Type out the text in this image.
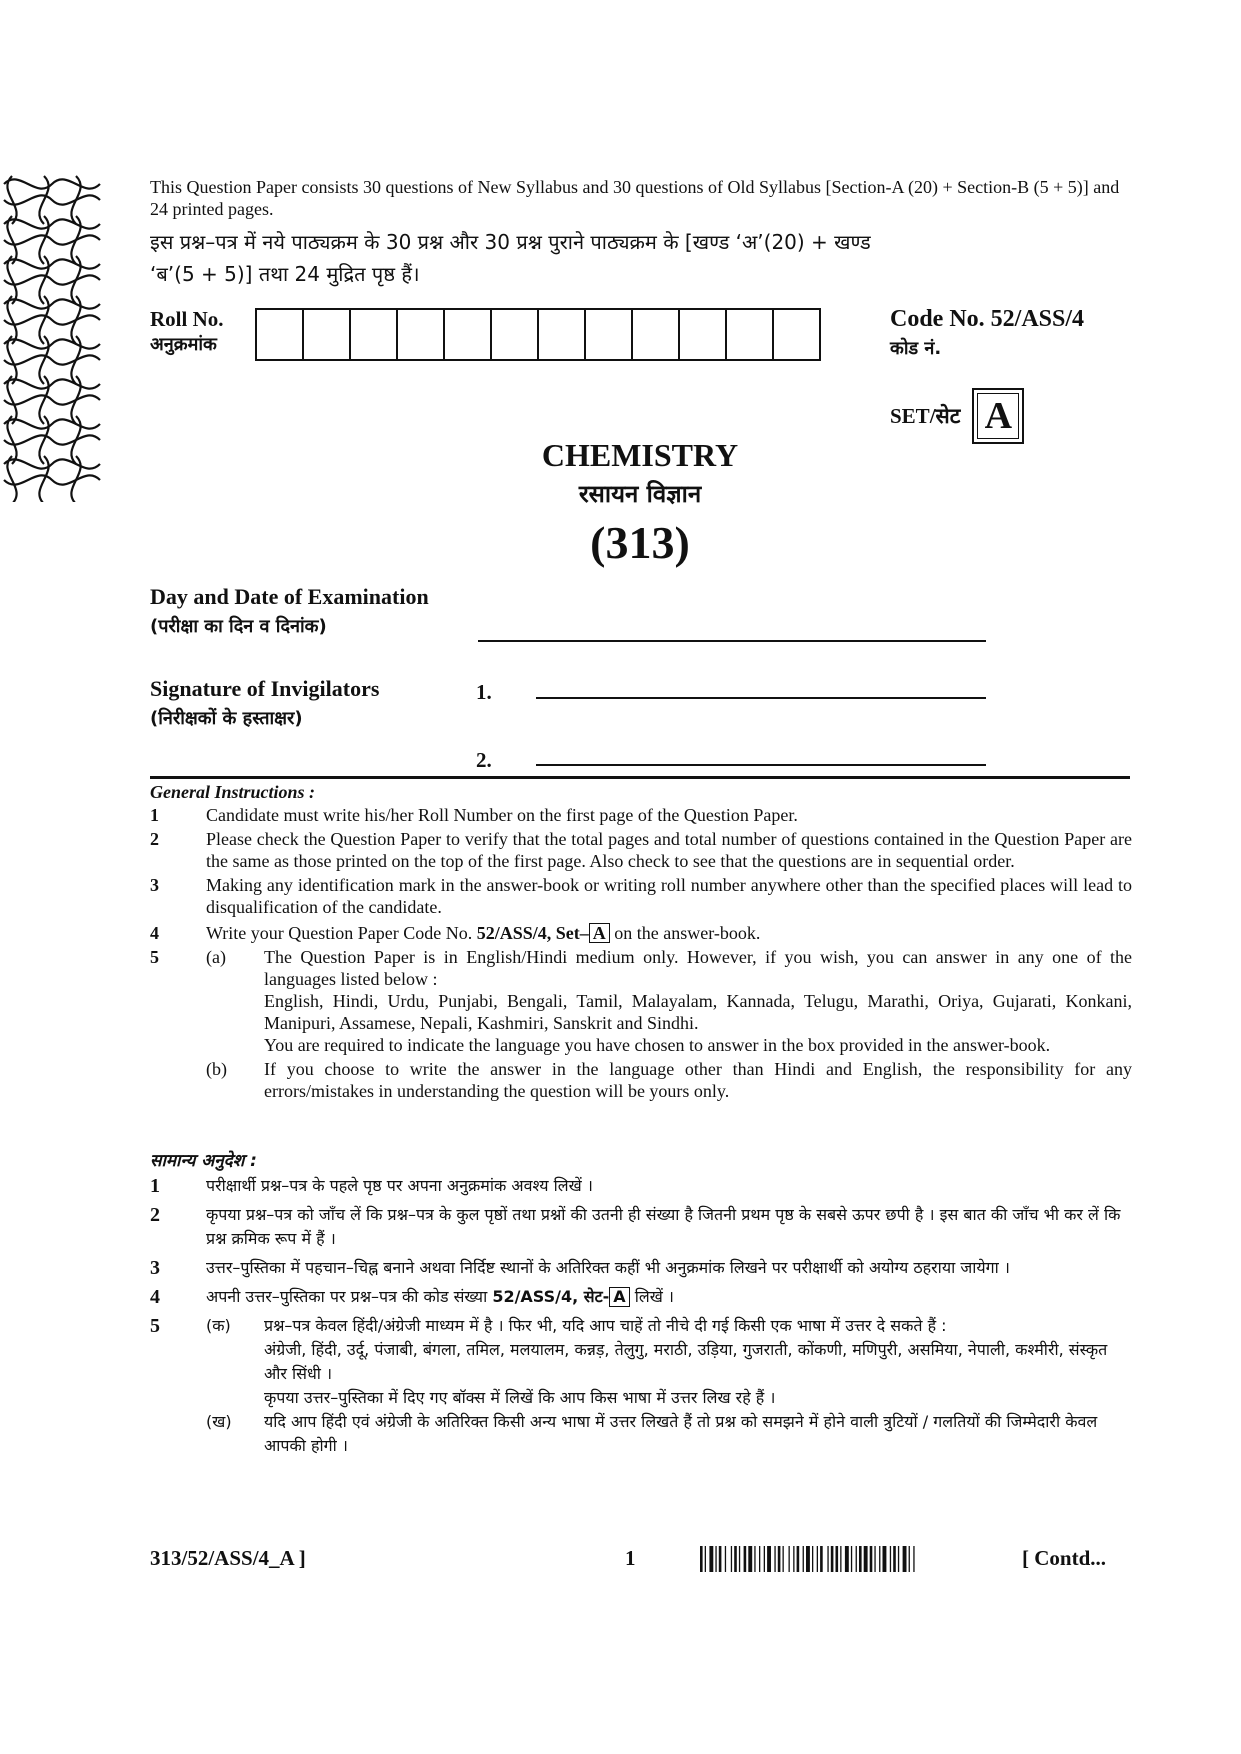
This Question Paper consists 30 questions of New Syllabus and 30 questions of Old Syllabus [Section-A (20) + Section-B (5 + 5)] and 24 printed pages.

इस प्रश्न–पत्र में नये पाठ्यक्रम के 30 प्रश्न और 30 प्रश्न पुराने पाठ्यक्रम के [खण्ड ‘अ’(20) + खण्ड
‘ब’(5 + 5)] तथा 24 मुद्रित पृष्ठ हैं।
Roll No.
अनुक्रमांक
Code No. 52/ASS/4
कोड नं.
SET/सेट A
CHEMISTRY
रसायन विज्ञान
(313)
Day and Date of Examination
(परीक्षा का दिन व दिनांक)
Signature of Invigilators
(निरीक्षकों के हस्ताक्षर)
1.
2.
General Instructions :
1	Candidate must write his/her Roll Number on the first page of the Question Paper.
2	Please check the Question Paper to verify that the total pages and total number of questions contained in the Question Paper are the same as those printed on the top of the first page. Also check to see that the questions are in sequential order.
3	Making any identification mark in the answer-book or writing roll number anywhere other than the specified places will lead to disqualification of the candidate.
4	Write your Question Paper Code No. 52/ASS/4, Set– A on the answer-book.
5	(a)	The Question Paper is in English/Hindi medium only. However, if you wish, you can answer in any one of the languages listed below :
English, Hindi, Urdu, Punjabi, Bengali, Tamil, Malayalam, Kannada, Telugu, Marathi, Oriya, Gujarati, Konkani, Manipuri, Assamese, Nepali, Kashmiri, Sanskrit and Sindhi.
You are required to indicate the language you have chosen to answer in the box provided in the answer-book.
(b)	If you choose to write the answer in the language other than Hindi and English, the responsibility for any errors/mistakes in understanding the question will be yours only.
सामान्य अनुदेश :
1	परीक्षार्थी प्रश्न–पत्र के पहले पृष्ठ पर अपना अनुक्रमांक अवश्य लिखें ।
2	कृपया प्रश्न–पत्र को जाँच लें कि प्रश्न–पत्र के कुल पृष्ठों तथा प्रश्नों की उतनी ही संख्या है जितनी प्रथम पृष्ठ के सबसे ऊपर छपी है । इस बात की जाँच भी कर लें कि प्रश्न क्रमिक रूप में हैं ।
3	उत्तर–पुस्तिका में पहचान–चिह्न बनाने अथवा निर्दिष्ट स्थानों के अतिरिक्त कहीं भी अनुक्रमांक लिखने पर परीक्षार्थी को अयोग्य ठहराया जायेगा ।
4	अपनी उत्तर–पुस्तिका पर प्रश्न–पत्र की कोड संख्या 52/ASS/4, सेट- A लिखें ।
5	(क)	प्रश्न–पत्र केवल हिंदी/अंग्रेजी माध्यम में है । फिर भी, यदि आप चाहें तो नीचे दी गई किसी एक भाषा में उत्तर दे सकते हैं :
अंग्रेजी, हिंदी, उर्दू, पंजाबी, बंगला, तमिल, मलयालम, कन्नड़, तेलुगु, मराठी, उड़िया, गुजराती, कोंकणी, मणिपुरी, असमिया, नेपाली, कश्मीरी, संस्कृत और सिंधी ।
कृपया उत्तर–पुस्तिका में दिए गए बॉक्स में लिखें कि आप किस भाषा में उत्तर लिख रहे हैं ।
(ख)	यदि आप हिंदी एवं अंग्रेजी के अतिरिक्त किसी अन्य भाषा में उत्तर लिखते हैं तो प्रश्न को समझने में होने वाली त्रुटियों / गलतियों की जिम्मेदारी केवल आपकी होगी ।
313/52/ASS/4_A ]	1	[ Contd...
